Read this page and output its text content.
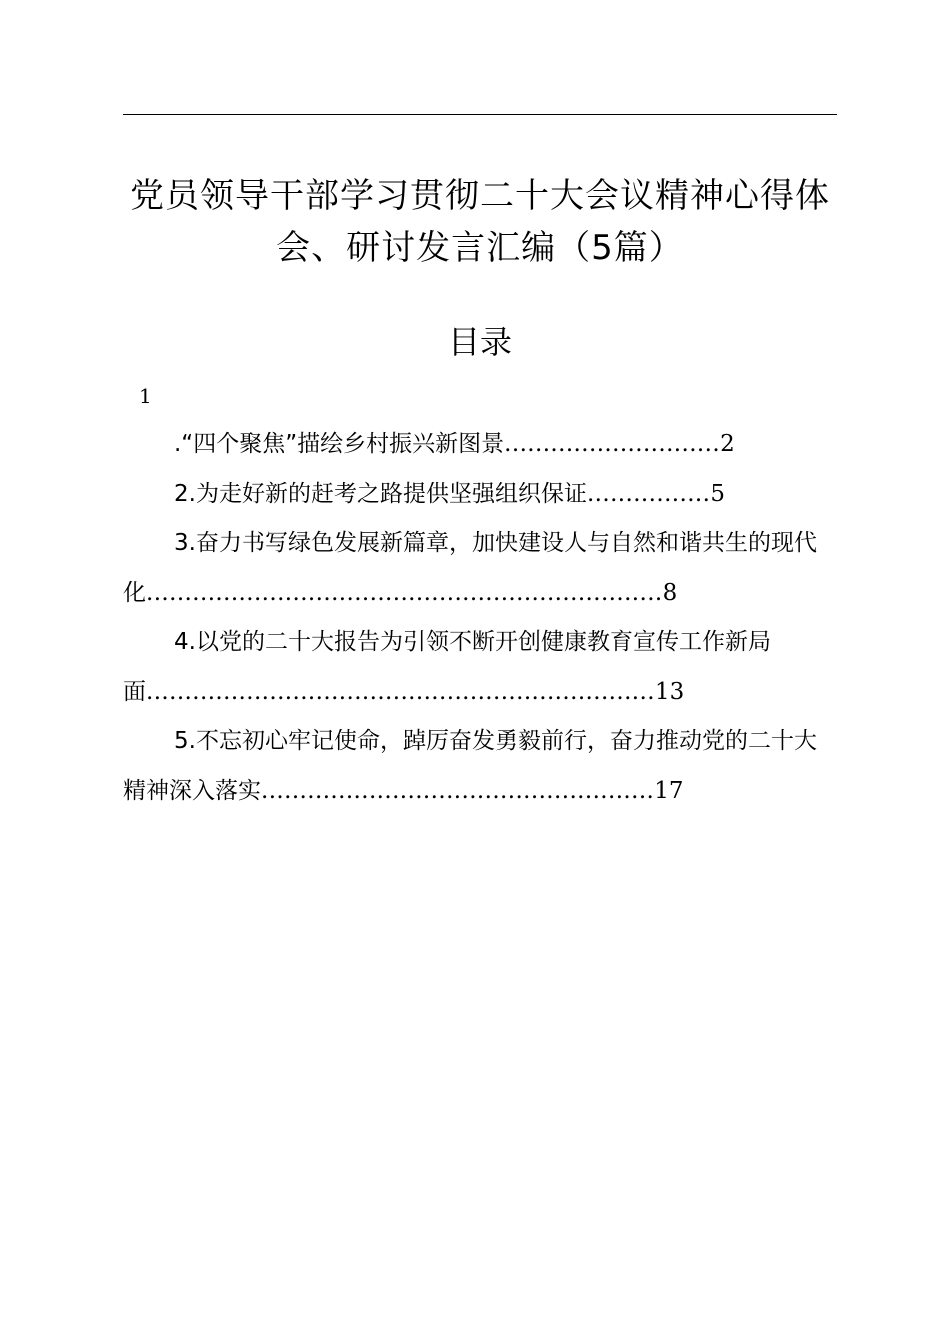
党员领导干部学习贯彻二十大会议精神心得体会、研讨发言汇编（5篇）
目录
1
.“四个聚焦”描绘乡村振兴新图景............................2
2.为走好新的赶考之路提供坚强组织保证................5
3.奋力书写绿色发展新篇章，加快建设人与自然和谐共生的现代化...................................................................8
4.以党的二十大报告为引领不断开创健康教育宣传工作新局面..................................................................13
5.不忘初心牢记使命，踔厉奋发勇毅前行，奋力推动党的二十大精神深入落实...................................................17
